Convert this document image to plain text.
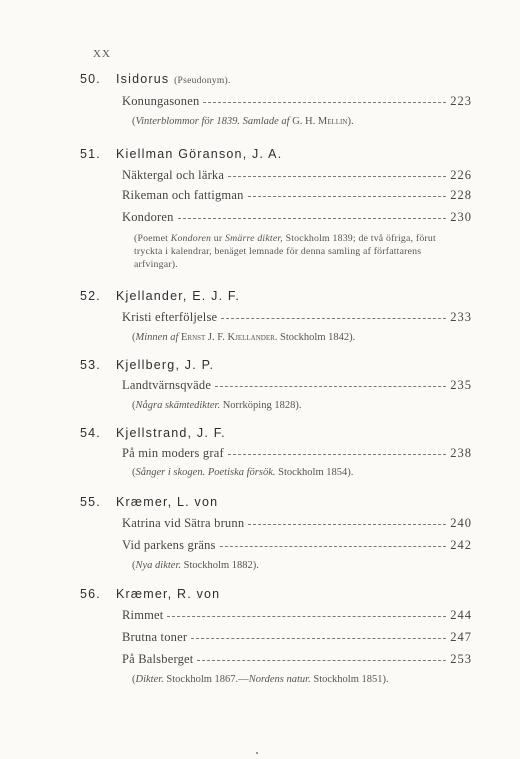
XX
50. Isidorus (Pseudonym).
Konungasonen	223
(Vinterblommor för 1839. Samlade af G. H. Mellin).
51. Kiellman Göranson, J. A.
Näktergal och lärka	226
Rikeman och fattigman	228
Kondoren	230
(Poemet Kondoren ur Smärre dikter, Stockholm 1839; de två öfriga, förut tryckta i kalendrar, benäget lemnade för denna samling af författarens arfvingar).
52. Kjellander, E. J. F.
Kristi efterföljelse	233
(Minnen af Ernst J. F. Kjellander. Stockholm 1842).
53. Kjellberg, J. P.
Landtvärnsqväde	235
(Några skämtedikter. Norrköping 1828).
54. Kjellstrand, J. F.
På min moders graf	238
(Sånger i skogen. Poetiska försök. Stockholm 1854).
55. Kræmer, L. von
Katrina vid Sätra brunn	240
Vid parkens gräns	242
(Nya dikter. Stockholm 1882).
56. Kræmer, R. von
Rimmet	244
Brutna toner	247
På Balsberget	253
(Dikter. Stockholm 1867.—Nordens natur. Stockholm 1851).
